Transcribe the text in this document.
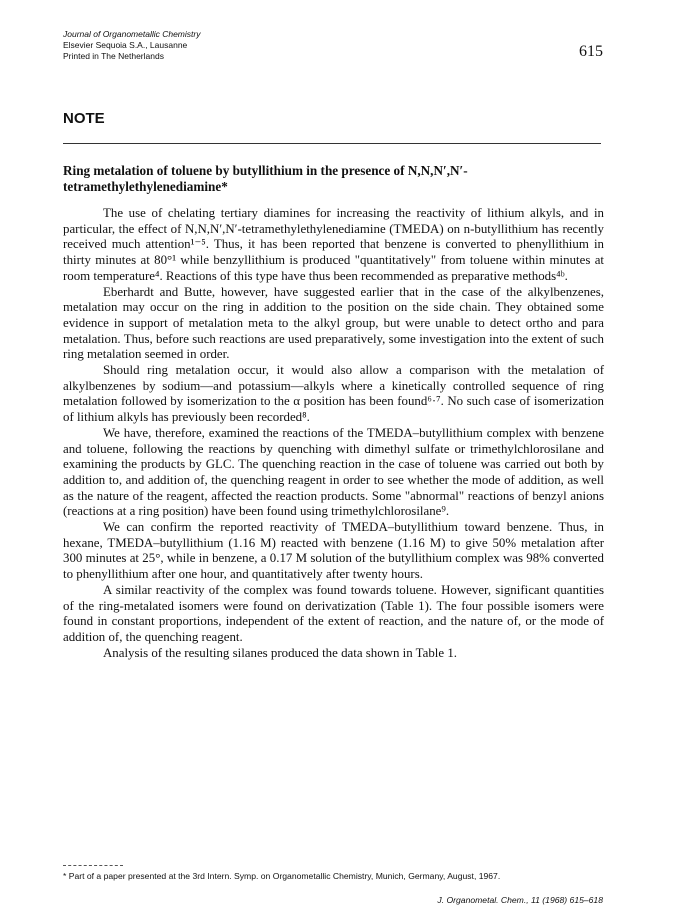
Journal of Organometallic Chemistry
Elsevier Sequoia S.A., Lausanne
Printed in The Netherlands	615
NOTE
Ring metalation of toluene by butyllithium in the presence of N,N,N′,N′-tetramethylethylenediamine*

The use of chelating tertiary diamines for increasing the reactivity of lithium alkyls, and in particular, the effect of N,N,N′,N′-tetramethylethylenediamine (TMEDA) on n-butyllithium has recently received much attention¹⁻⁵. Thus, it has been reported that benzene is converted to phenyllithium in thirty minutes at 80°¹ while benzyllithium is produced "quantitatively" from toluene within minutes at room temperature⁴. Reactions of this type have thus been recommended as preparative methods⁴ᵇ.

Eberhardt and Butte, however, have suggested earlier that in the case of the alkylbenzenes, metalation may occur on the ring in addition to the position on the side chain. They obtained some evidence in support of metalation meta to the alkyl group, but were unable to detect ortho and para metalation. Thus, before such reactions are used preparatively, some investigation into the extent of such ring metalation seemed in order.

Should ring metalation occur, it would also allow a comparison with the metalation of alkylbenzenes by sodium—and potassium—alkyls where a kinetically controlled sequence of ring metalation followed by isomerization to the α position has been found⁶·⁷. No such case of isomerization of lithium alkyls has previously been recorded⁸.

We have, therefore, examined the reactions of the TMEDA–butyllithium complex with benzene and toluene, following the reactions by quenching with dimethyl sulfate or trimethylchlorosilane and examining the products by GLC. The quenching reaction in the case of toluene was carried out both by addition to, and addition of, the quenching reagent in order to see whether the mode of addition, as well as the nature of the reagent, affected the reaction products. Some "abnormal" reactions of benzyl anions (reactions at a ring position) have been found using trimethylchlorosilane⁹.

We can confirm the reported reactivity of TMEDA–butyllithium toward benzene. Thus, in hexane, TMEDA–butyllithium (1.16 M) reacted with benzene (1.16 M) to give 50% metalation after 300 minutes at 25°, while in benzene, a 0.17 M solution of the butyllithium complex was 98% converted to phenyllithium after one hour, and quantitatively after twenty hours.

A similar reactivity of the complex was found towards toluene. However, significant quantities of the ring-metalated isomers were found on derivatization (Table 1). The four possible isomers were found in constant proportions, independent of the extent of reaction, and the nature of, or the mode of addition of, the quenching reagent.

Analysis of the resulting silanes produced the data shown in Table 1.

* Part of a paper presented at the 3rd Intern. Symp. on Organometallic Chemistry, Munich, Germany, August, 1967.
J. Organometal. Chem., 11 (1968) 615–618
